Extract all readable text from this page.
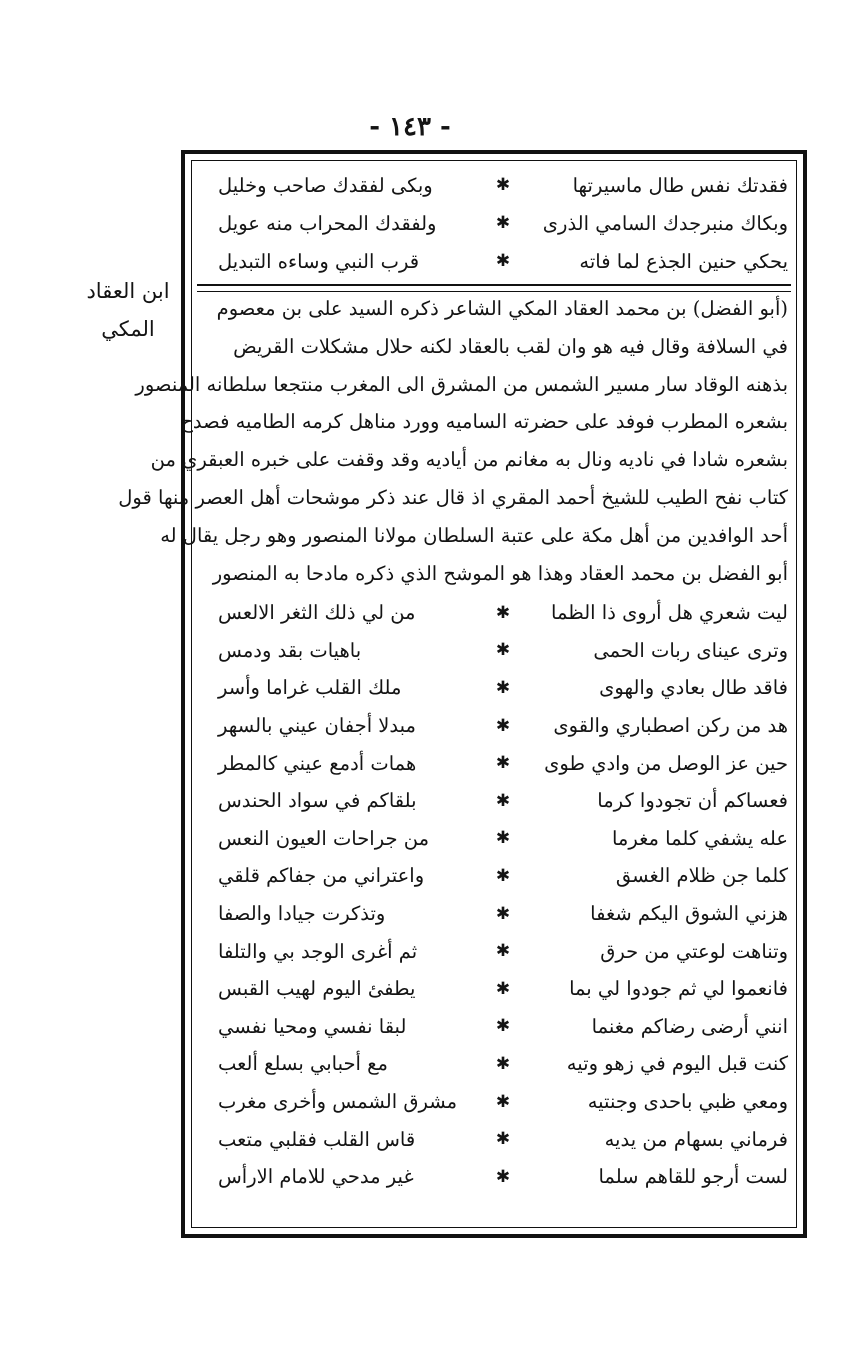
- ١٤٣ -
ابن العقاد
المكي
فقدتك نفس طال ماسيرتها
✱
وبكى لفقدك صاحب وخليل
وبكاك منبرجدك السامي الذرى
✱
ولفقدك المحراب منه عويل
يحكي حنين الجذع لما فاته
✱
قرب النبي وساءه التبديل
(أبو الفضل) بن محمد العقاد المكي الشاعر ذكره السيد على بن معصوم
في السلافة وقال فيه هو وان لقب بالعقاد لكنه حلال مشكلات القريض
بذهنه الوقاد سار مسير الشمس من المشرق الى المغرب منتجعا سلطانه المنصور
بشعره المطرب فوفد على حضرته الساميه وورد مناهل كرمه الطاميه فصدح
بشعره شادا في ناديه ونال به مغانم من أياديه وقد وقفت على خبره العبقري من
كتاب نفح الطيب للشيخ أحمد المقري اذ قال عند ذكر موشحات أهل العصر منها قول
أحد الوافدين من أهل مكة على عتبة السلطان مولانا المنصور وهو رجل يقال له
أبو الفضل بن محمد العقاد وهذا هو الموشح الذي ذكره مادحا به المنصور
ليت شعري هل أروى ذا الظما
✱
من لي ذلك الثغر الالعس
وترى عيناى ربات الحمى
✱
باهيات بقد ودمس
فاقد طال بعادي والهوى
✱
ملك القلب غراما وأسر
هد من ركن اصطباري والقوى
✱
مبدلا أجفان عيني بالسهر
حين عز الوصل من وادي طوى
✱
همات أدمع عيني كالمطر
فعساكم أن تجودوا كرما
✱
بلقاكم في سواد الحندس
عله يشفي كلما مغرما
✱
من جراحات العيون النعس
كلما جن ظلام الغسق
✱
واعتراني من جفاكم قلقي
هزني الشوق اليكم شغفا
✱
وتذكرت جيادا والصفا
وتناهت لوعتي من حرق
✱
ثم أغرى الوجد بي والتلفا
فانعموا لي ثم جودوا لي بما
✱
يطفئ اليوم لهيب القبس
انني أرضى رضاكم مغنما
✱
لبقا نفسي ومحيا نفسي
كنت قبل اليوم في زهو وتيه
✱
مع أحبابي بسلع ألعب
ومعي ظبي باحدى وجنتيه
✱
مشرق الشمس وأخرى مغرب
فرماني بسهام من يديه
✱
قاس القلب فقلبي متعب
لست أرجو للقاهم سلما
✱
غير مدحي للامام الارأس
